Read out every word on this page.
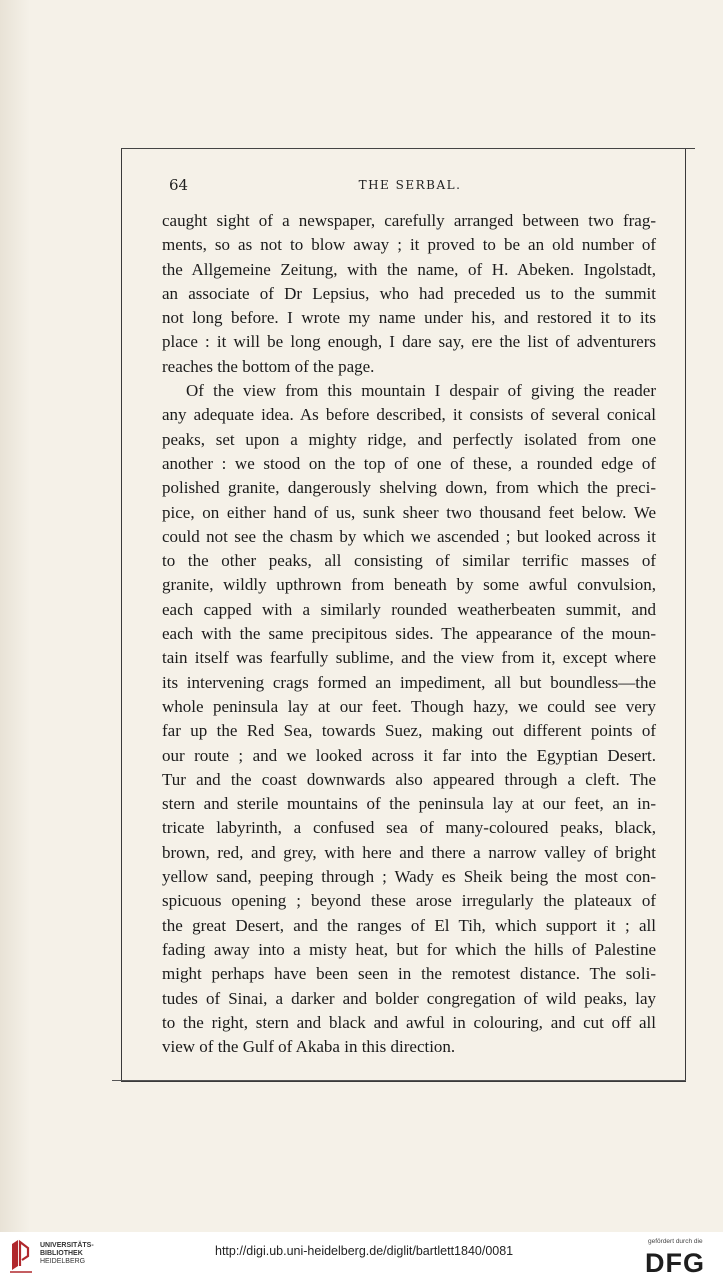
64	THE SERBAL.
caught sight of a newspaper, carefully arranged between two frag-
ments, so as not to blow away ; it proved to be an old number of
the Allgemeine Zeitung, with the name, of H. Abeken. Ingolstadt,
an associate of Dr Lepsius, who had preceded us to the summit
not long before. I wrote my name under his, and restored it to its
place : it will be long enough, I dare say, ere the list of adventurers
reaches the bottom of the page.
Of the view from this mountain I despair of giving the reader
any adequate idea. As before described, it consists of several conical
peaks, set upon a mighty ridge, and perfectly isolated from one
another : we stood on the top of one of these, a rounded edge of
polished granite, dangerously shelving down, from which the preci-
pice, on either hand of us, sunk sheer two thousand feet below. We
could not see the chasm by which we ascended ; but looked across it
to the other peaks, all consisting of similar terrific masses of
granite, wildly upthrown from beneath by some awful convulsion,
each capped with a similarly rounded weatherbeaten summit, and
each with the same precipitous sides. The appearance of the moun-
tain itself was fearfully sublime, and the view from it, except where
its intervening crags formed an impediment, all but boundless—the
whole peninsula lay at our feet. Though hazy, we could see very
far up the Red Sea, towards Suez, making out different points of
our route ; and we looked across it far into the Egyptian Desert.
Tur and the coast downwards also appeared through a cleft. The
stern and sterile mountains of the peninsula lay at our feet, an in-
tricate labyrinth, a confused sea of many-coloured peaks, black,
brown, red, and grey, with here and there a narrow valley of bright
yellow sand, peeping through ; Wady es Sheik being the most con-
spicuous opening ; beyond these arose irregularly the plateaux of
the great Desert, and the ranges of El Tih, which support it ; all
fading away into a misty heat, but for which the hills of Palestine
might perhaps have been seen in the remotest distance. The soli-
tudes of Sinai, a darker and bolder congregation of wild peaks, lay
to the right, stern and black and awful in colouring, and cut off all
view of the Gulf of Akaba in this direction.
UNIVERSITÄTS-
BIBLIOTHEK
HEIDELBERG
http://digi.ub.uni-heidelberg.de/diglit/bartlett1840/0081
gefördert durch die
DFG
